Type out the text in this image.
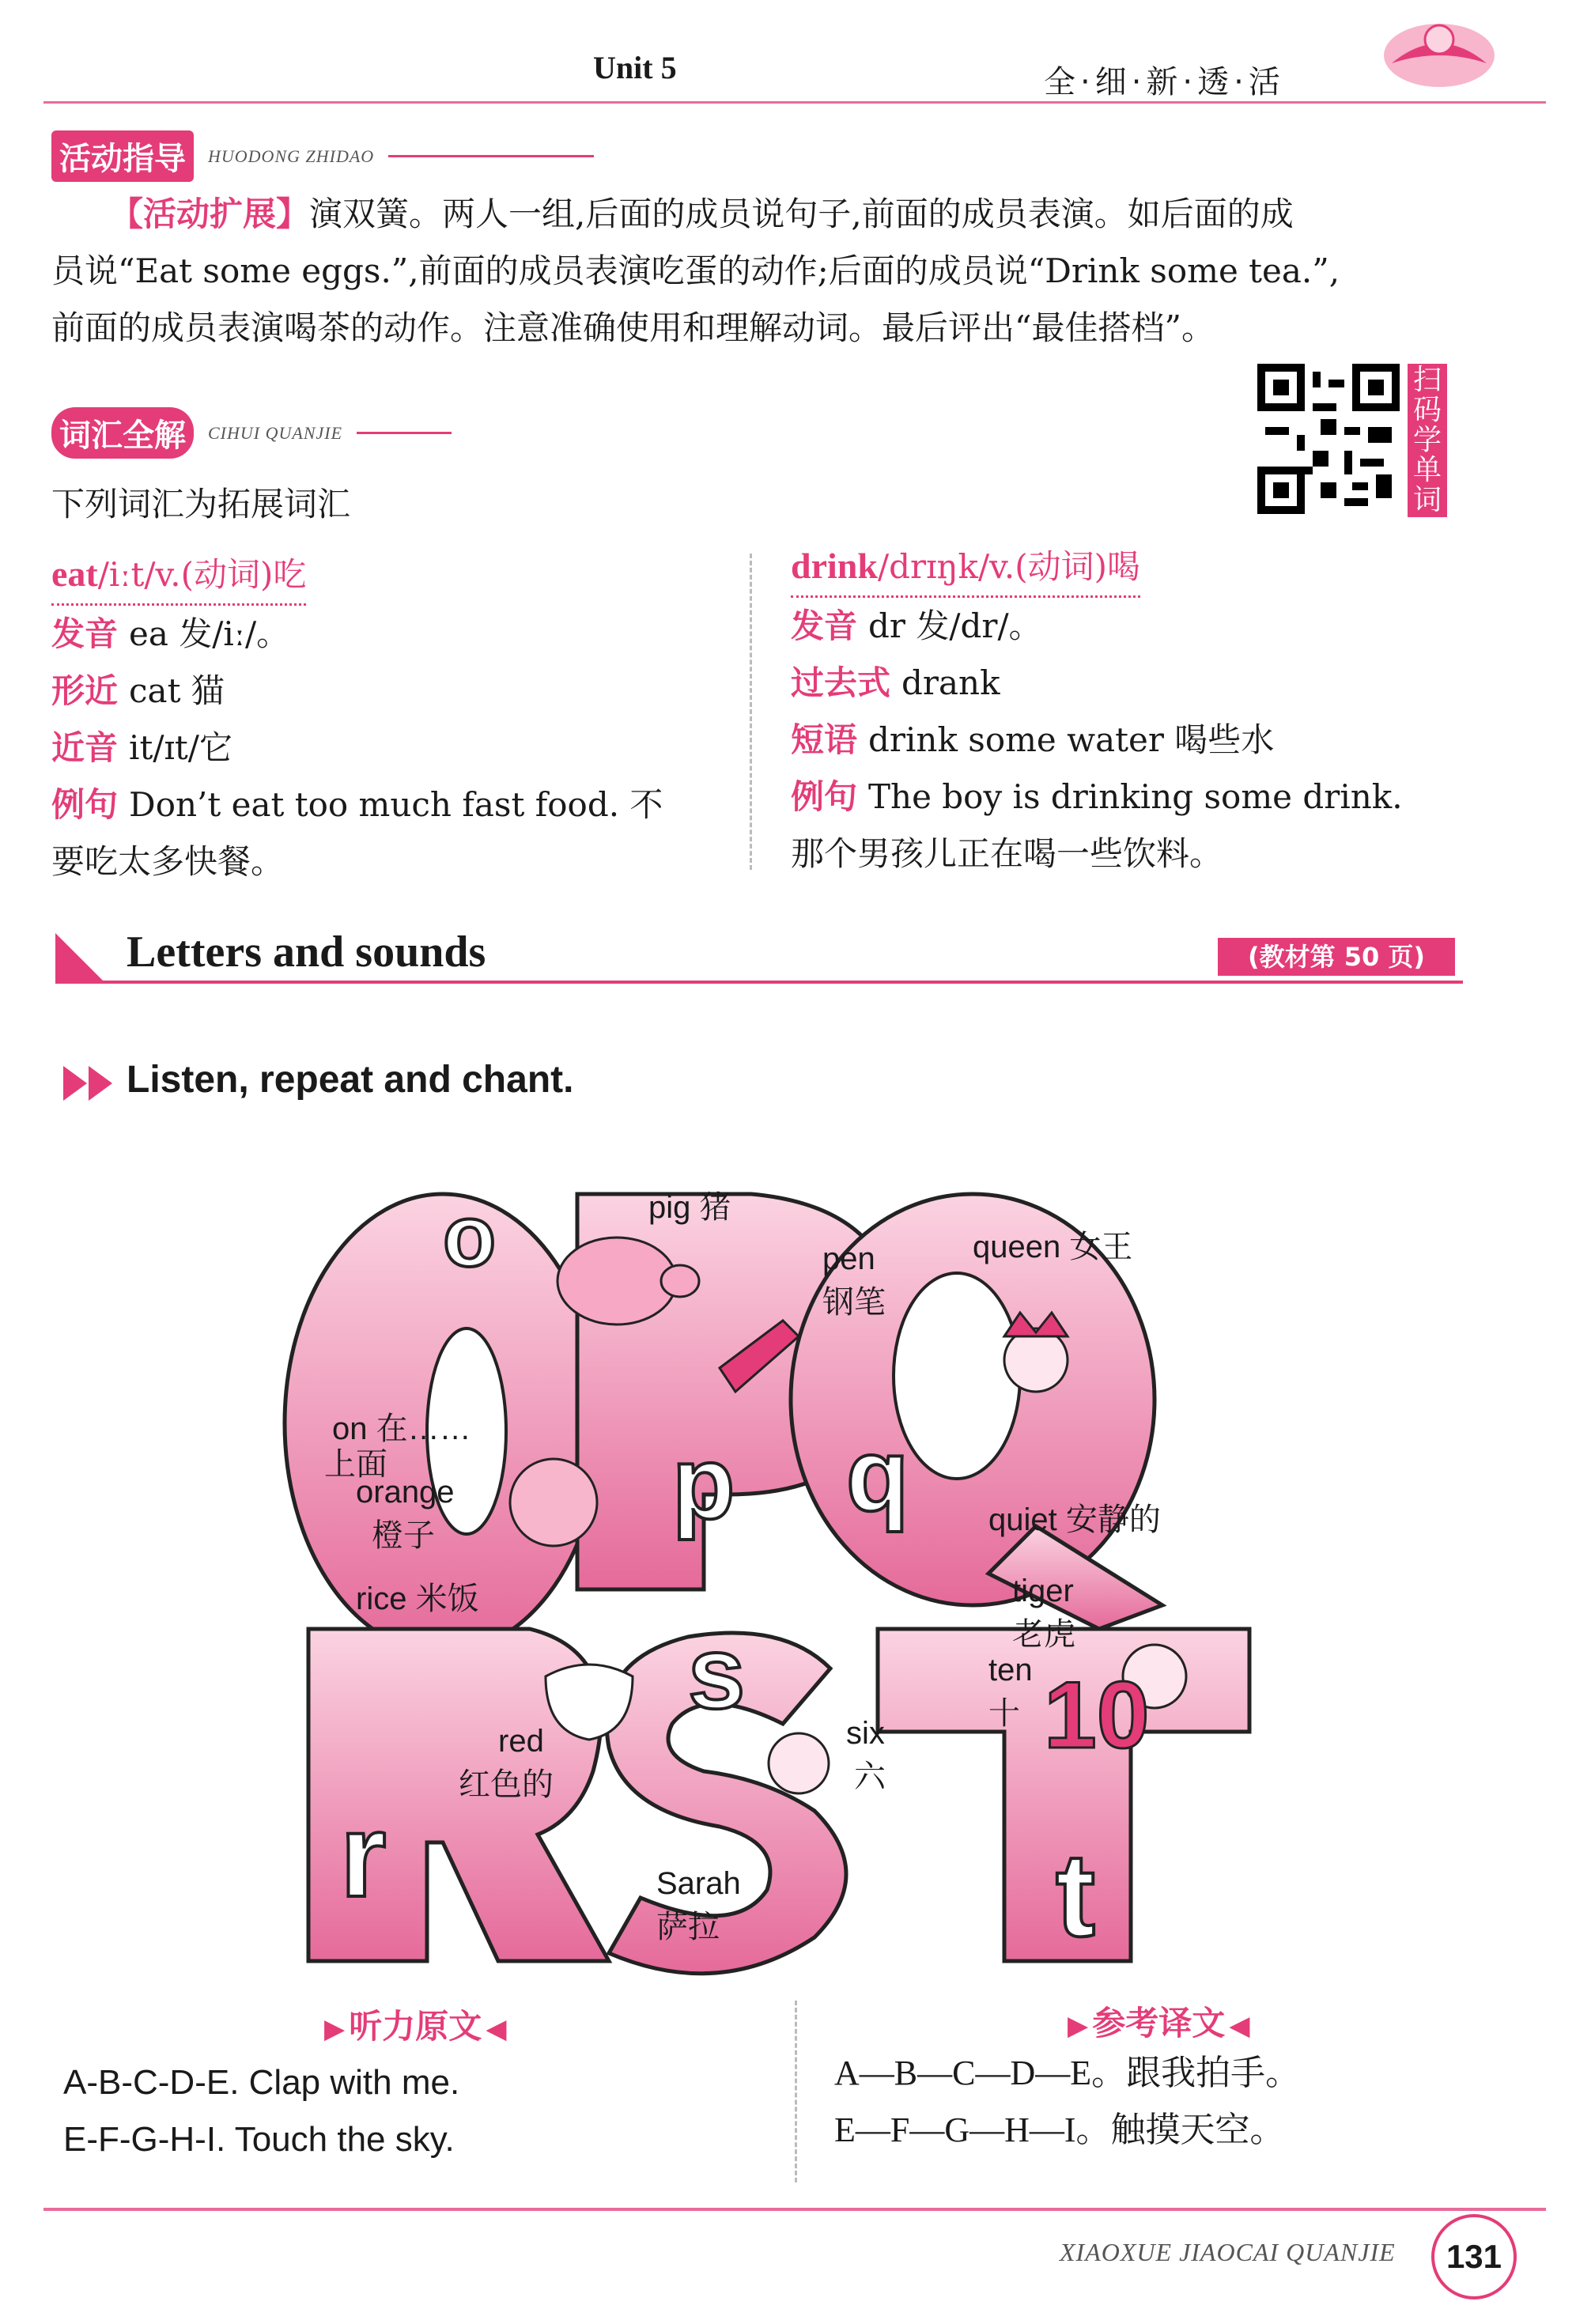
Unit 5	全·细·新·透·活
活动指导	HUODONG ZHIDAO
【活动扩展】演双簧。两人一组,后面的成员说句子,前面的成员表演。如后面的成
员说“Eat some eggs.”,前面的成员表演吃蛋的动作;后面的成员说“Drink some tea.”,
前面的成员表演喝茶的动作。注意准确使用和理解动词。最后评出“最佳搭档”。
词汇全解	CIHUI QUANJIE
扫码学单词
下列词汇为拓展词汇
eat/iːt/v.(动词)吃
发音 ea 发/iː/。
形近 cat 猫
近音 it/ɪt/它
例句 Don’t eat too much fast food. 不
要吃太多快餐。
drink/drɪŋk/v.(动词)喝
发音 dr 发/dr/。
过去式 drank
短语 drink some water 喝些水
例句 The boy is drinking some drink.
那个男孩儿正在喝一些饮料。
Letters and sounds	(教材第 50 页)
Listen, repeat and chant.
o
p q
r
s
t
pig 猪
pen
钢笔
queen 女王
on 在……
上面
orange
橙子	quiet 安静的
rice 米饭	tiger
老虎
ten
十 10
red
红色的
six
六
Sarah
萨拉
▶ 听力原文 ◀
A-B-C-D-E. Clap with me.
E-F-G-H-I. Touch the sky.
▶ 参考译文 ◀
A—B—C—D—E。跟我拍手。
E—F—G—H—I。触摸天空。
XIAOXUE JIAOCAI QUANJIE	131
